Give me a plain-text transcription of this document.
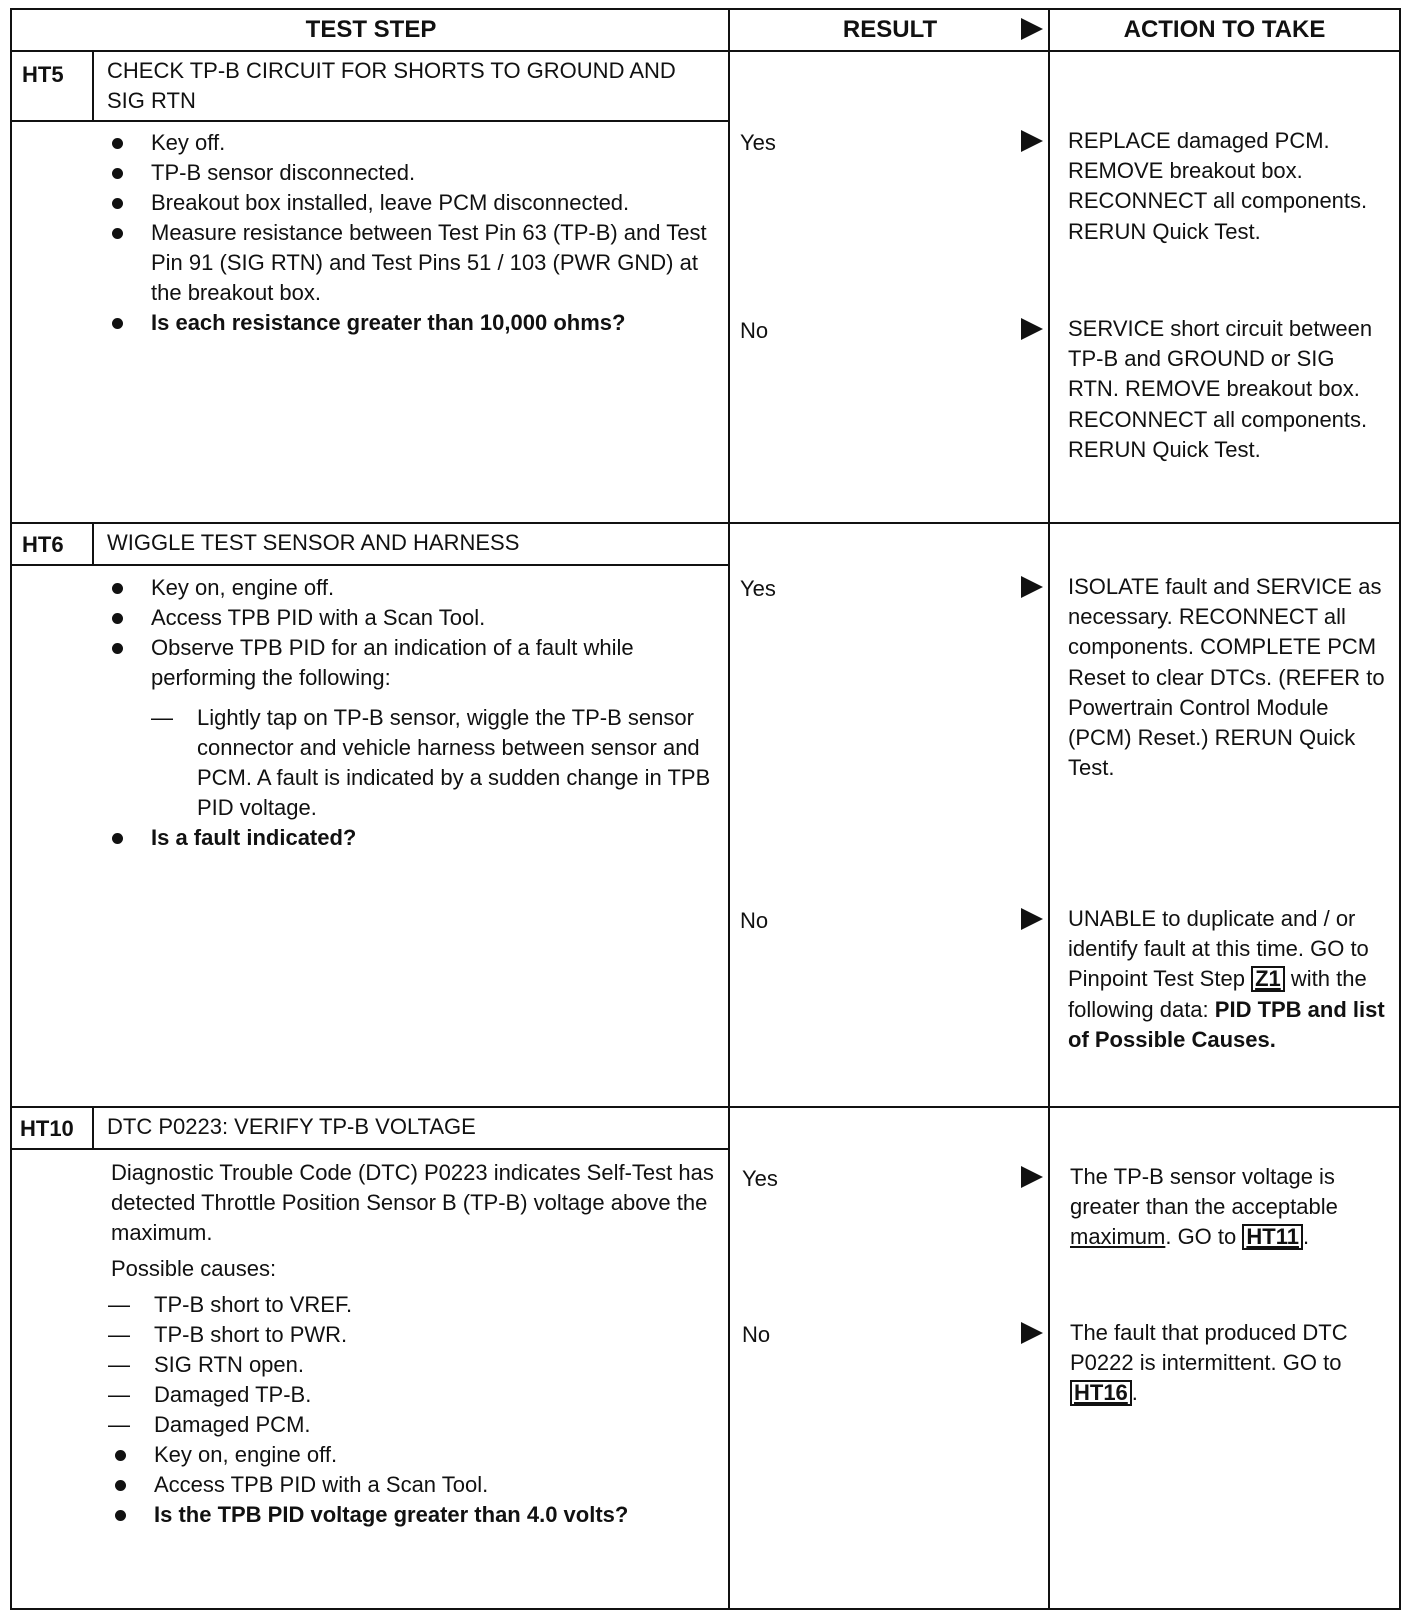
TEST STEP	RESULT	ACTION TO TAKE
HT5 CHECK TP-B CIRCUIT FOR SHORTS TO GROUND AND SIG RTN
Key off.
TP-B sensor disconnected.
Breakout box installed, leave PCM disconnected.
Measure resistance between Test Pin 63 (TP-B) and Test Pin 91 (SIG RTN) and Test Pins 51 / 103 (PWR GND) at the breakout box.
Is each resistance greater than 10,000 ohms?
Yes	REPLACE damaged PCM. REMOVE breakout box. RECONNECT all components. RERUN Quick Test.
No	SERVICE short circuit between TP-B and GROUND or SIG RTN. REMOVE breakout box. RECONNECT all components. RERUN Quick Test.
HT6 WIGGLE TEST SENSOR AND HARNESS
Key on, engine off.
Access TPB PID with a Scan Tool.
Observe TPB PID for an indication of a fault while performing the following:
— Lightly tap on TP-B sensor, wiggle the TP-B sensor connector and vehicle harness between sensor and PCM. A fault is indicated by a sudden change in TPB PID voltage.
Is a fault indicated?
Yes	ISOLATE fault and SERVICE as necessary. RECONNECT all components. COMPLETE PCM Reset to clear DTCs. (REFER to Powertrain Control Module (PCM) Reset.) RERUN Quick Test.
No	UNABLE to duplicate and / or identify fault at this time. GO to Pinpoint Test Step Z1 with the following data: PID TPB and list of Possible Causes.
HT10 DTC P0223: VERIFY TP-B VOLTAGE
Diagnostic Trouble Code (DTC) P0223 indicates Self-Test has detected Throttle Position Sensor B (TP-B) voltage above the maximum.
Possible causes:
— TP-B short to VREF.
— TP-B short to PWR.
— SIG RTN open.
— Damaged TP-B.
— Damaged PCM.
Key on, engine off.
Access TPB PID with a Scan Tool.
Is the TPB PID voltage greater than 4.0 volts?
Yes	The TP-B sensor voltage is greater than the acceptable maximum. GO to HT11 .
No	The fault that produced DTC P0222 is intermittent. GO to HT16 .
